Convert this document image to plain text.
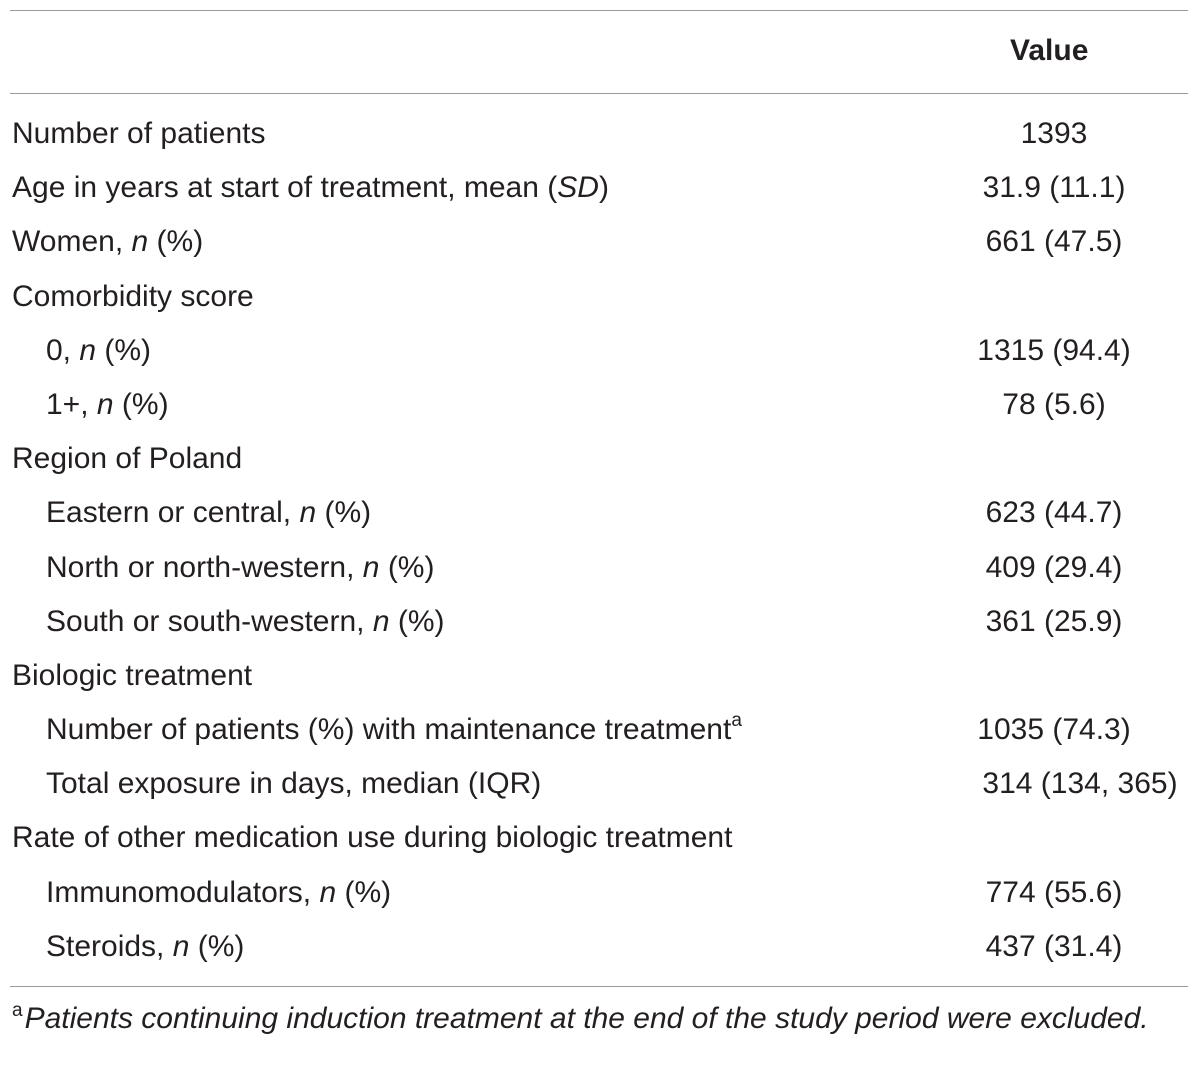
Value
Number of patients	1393
Age in years at start of treatment, mean (SD)	31.9 (11.1)
Women, n (%)	661 (47.5)
Comorbidity score
0, n (%)	1315 (94.4)
1+, n (%)	78 (5.6)
Region of Poland
Eastern or central, n (%)	623 (44.7)
North or north-western, n (%)	409 (29.4)
South or south-western, n (%)	361 (25.9)
Biologic treatment
Number of patients (%) with maintenance treatment$^a$	1035 (74.3)
Total exposure in days, median (IQR)	314 (134, 365)
Rate of other medication use during biologic treatment
Immunomodulators, n (%)	774 (55.6)
Steroids, n (%)	437 (31.4)
$^a$Patients continuing induction treatment at the end of the study period were excluded.
